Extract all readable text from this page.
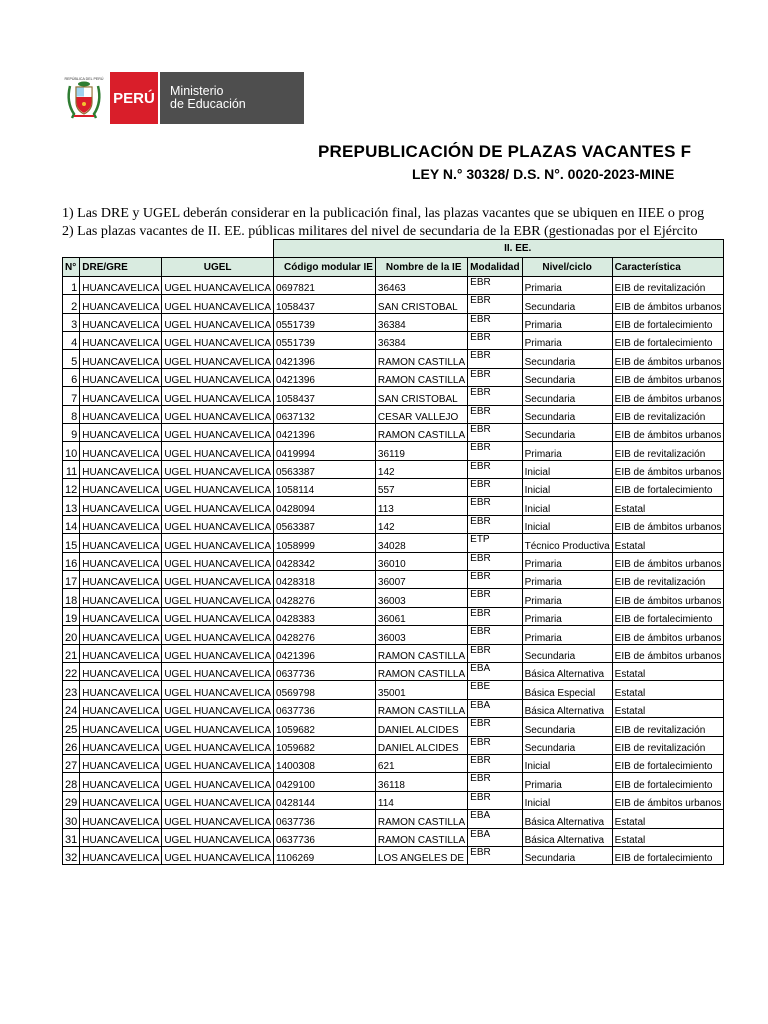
REPÚBLICA DEL PERÚ
PERÚ Ministerio
de Educación
PREPUBLICACIÓN DE PLAZAS VACANTES F
LEY N.° 30328/ D.S. N°. 0020-2023-MINE
1) Las DRE y UGEL deberán considerar en la publicación final, las plazas vacantes que se ubiquen en IIEE o prog
2) Las plazas vacantes de II. EE. públicas militares del nivel de secundaria de la EBR (gestionadas por el Ejército
			II. EE.				
N°	DRE/GRE	UGEL	Código modular IE	Nombre de la IE	Modalidad	Nivel/ciclo	Característica
1	HUANCAVELICA	UGEL HUANCAVELICA	0697821	36463	EBR	Primaria	EIB de revitalización
2	HUANCAVELICA	UGEL HUANCAVELICA	1058437	SAN CRISTOBAL	EBR	Secundaria	EIB de ámbitos urbanos
3	HUANCAVELICA	UGEL HUANCAVELICA	0551739	36384	EBR	Primaria	EIB de fortalecimiento
4	HUANCAVELICA	UGEL HUANCAVELICA	0551739	36384	EBR	Primaria	EIB de fortalecimiento
5	HUANCAVELICA	UGEL HUANCAVELICA	0421396	RAMON CASTILLA	EBR	Secundaria	EIB de ámbitos urbanos
6	HUANCAVELICA	UGEL HUANCAVELICA	0421396	RAMON CASTILLA	EBR	Secundaria	EIB de ámbitos urbanos
7	HUANCAVELICA	UGEL HUANCAVELICA	1058437	SAN CRISTOBAL	EBR	Secundaria	EIB de ámbitos urbanos
8	HUANCAVELICA	UGEL HUANCAVELICA	0637132	CESAR VALLEJO	EBR	Secundaria	EIB de revitalización
9	HUANCAVELICA	UGEL HUANCAVELICA	0421396	RAMON CASTILLA	EBR	Secundaria	EIB de ámbitos urbanos
10	HUANCAVELICA	UGEL HUANCAVELICA	0419994	36119	EBR	Primaria	EIB de revitalización
11	HUANCAVELICA	UGEL HUANCAVELICA	0563387	142	EBR	Inicial	EIB de ámbitos urbanos
12	HUANCAVELICA	UGEL HUANCAVELICA	1058114	557	EBR	Inicial	EIB de fortalecimiento
13	HUANCAVELICA	UGEL HUANCAVELICA	0428094	113	EBR	Inicial	Estatal
14	HUANCAVELICA	UGEL HUANCAVELICA	0563387	142	EBR	Inicial	EIB de ámbitos urbanos
15	HUANCAVELICA	UGEL HUANCAVELICA	1058999	34028	ETP	Técnico Productiva	Estatal
16	HUANCAVELICA	UGEL HUANCAVELICA	0428342	36010	EBR	Primaria	EIB de ámbitos urbanos
17	HUANCAVELICA	UGEL HUANCAVELICA	0428318	36007	EBR	Primaria	EIB de revitalización
18	HUANCAVELICA	UGEL HUANCAVELICA	0428276	36003	EBR	Primaria	EIB de ámbitos urbanos
19	HUANCAVELICA	UGEL HUANCAVELICA	0428383	36061	EBR	Primaria	EIB de fortalecimiento
20	HUANCAVELICA	UGEL HUANCAVELICA	0428276	36003	EBR	Primaria	EIB de ámbitos urbanos
21	HUANCAVELICA	UGEL HUANCAVELICA	0421396	RAMON CASTILLA	EBR	Secundaria	EIB de ámbitos urbanos
22	HUANCAVELICA	UGEL HUANCAVELICA	0637736	RAMON CASTILLA	EBA	Básica Alternativa	Estatal
23	HUANCAVELICA	UGEL HUANCAVELICA	0569798	35001	EBE	Básica Especial	Estatal
24	HUANCAVELICA	UGEL HUANCAVELICA	0637736	RAMON CASTILLA	EBA	Básica Alternativa	Estatal
25	HUANCAVELICA	UGEL HUANCAVELICA	1059682	DANIEL ALCIDES	EBR	Secundaria	EIB de revitalización
26	HUANCAVELICA	UGEL HUANCAVELICA	1059682	DANIEL ALCIDES	EBR	Secundaria	EIB de revitalización
27	HUANCAVELICA	UGEL HUANCAVELICA	1400308	621	EBR	Inicial	EIB de fortalecimiento
28	HUANCAVELICA	UGEL HUANCAVELICA	0429100	36118	EBR	Primaria	EIB de fortalecimiento
29	HUANCAVELICA	UGEL HUANCAVELICA	0428144	114	EBR	Inicial	EIB de ámbitos urbanos
30	HUANCAVELICA	UGEL HUANCAVELICA	0637736	RAMON CASTILLA	EBA	Básica Alternativa	Estatal
31	HUANCAVELICA	UGEL HUANCAVELICA	0637736	RAMON CASTILLA	EBA	Básica Alternativa	Estatal
32	HUANCAVELICA	UGEL HUANCAVELICA	1106269	LOS ANGELES DE	EBR	Secundaria	EIB de fortalecimiento
